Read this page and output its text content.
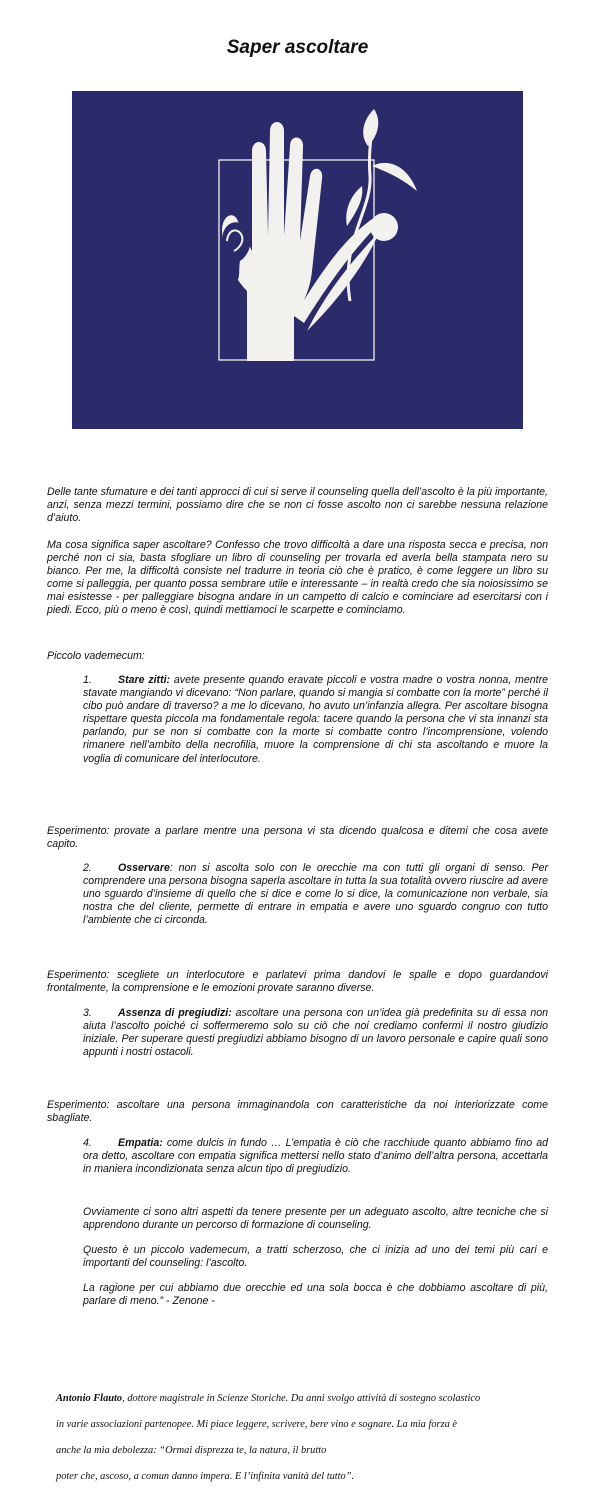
Saper ascoltare

Delle tante sfumature e dei tanti approcci di cui si serve il counseling quella dell’ascolto è la più importante, anzi, senza mezzi termini, possiamo dire che se non ci fosse ascolto non ci sarebbe nessuna relazione d’aiuto.

Ma cosa significa saper ascoltare? Confesso che trovo difficoltà a dare una risposta secca e precisa, non perché non ci sia, basta sfogliare un libro di counseling per trovarla ed averla bella stampata nero su bianco. Per me, la difficoltà consiste nel tradurre in teoria ciò che è pratico, è come leggere un libro su come si palleggia, per quanto possa sembrare utile e interessante – in realtà credo che sia noiosissimo se mai esistesse - per palleggiare bisogna andare in un campetto di calcio e cominciare ad esercitarsi con i piedi. Ecco, più o meno è così, quindi mettiamoci le scarpette e cominciamo.

Piccolo vademecum:
1.	Stare zitti: avete presente quando eravate piccoli e vostra madre o vostra nonna, mentre stavate mangiando vi dicevano: “Non parlare, quando si mangia si combatte con la morte” perché il cibo può andare di traverso? a me lo dicevano, ho avuto un’infanzia allegra. Per ascoltare bisogna rispettare questa piccola ma fondamentale regola: tacere quando la persona che vi sta innanzi sta parlando, pur se non si combatte con la morte si combatte contro l’incomprensione, volendo rimanere nell’ambito della necrofilia, muore la comprensione di chi sta ascoltando e muore la voglia di comunicare del interlocutore.
Esperimento: provate a parlare mentre una persona vi sta dicendo qualcosa e ditemi che cosa avete capito.
2.	Osservare: non si ascolta solo con le orecchie ma con tutti gli organi di senso. Per comprendere una persona bisogna saperla ascoltare in tutta la sua totalità ovvero riuscire ad avere uno sguardo d’insieme di quello che si dice e come lo si dice, la comunicazione non verbale, sia nostra che del cliente, permette di entrare in empatia e avere uno sguardo congruo con tutto l’ambiente che ci circonda.
Esperimento: scegliete un interlocutore e parlatevi prima dandovi le spalle e dopo guardandovi frontalmente, la comprensione e le emozioni provate saranno diverse.
3.	Assenza di pregiudizi: ascoltare una persona con un’idea già predefinita su di essa non aiuta l’ascolto poiché ci soffermeremo solo su ciò che noi crediamo confermi il nostro giudizio iniziale. Per superare questi pregiudizi abbiamo bisogno di un lavoro personale e capire quali sono appunti i nostri ostacoli.
Esperimento: ascoltare una persona immaginandola con caratteristiche da noi interiorizzate come sbagliate.
4.	Empatia: come dulcis in fundo … L’empatia è ciò che racchiude quanto abbiamo fino ad ora detto, ascoltare con empatia significa mettersi nello stato d’animo dell’altra persona, accettarla in maniera incondizionata senza alcun tipo di pregiudizio.
Ovviamente ci sono altri aspetti da tenere presente per un adeguato ascolto, altre tecniche che si apprendono durante un percorso di formazione di counseling.
Questo è un piccolo vademecum, a tratti scherzoso, che ci inizia ad uno dei temi più cari e importanti del counseling: l’ascolto.
La ragione per cui abbiamo due orecchie ed una sola bocca è che dobbiamo ascoltare di più, parlare di meno.” - Zenone -
Antonio Flauto, dottore magistrale in Scienze Storiche. Da anni svolgo attività di sostegno scolastico
in varie associazioni partenopee. Mi piace leggere, scrivere, bere vino e sognare. La mia forza è
anche la mia debolezza: “Ormai disprezza te, la natura, il brutto
poter che, ascoso, a comun danno impera. E l’infinita vanità del tutto”.
